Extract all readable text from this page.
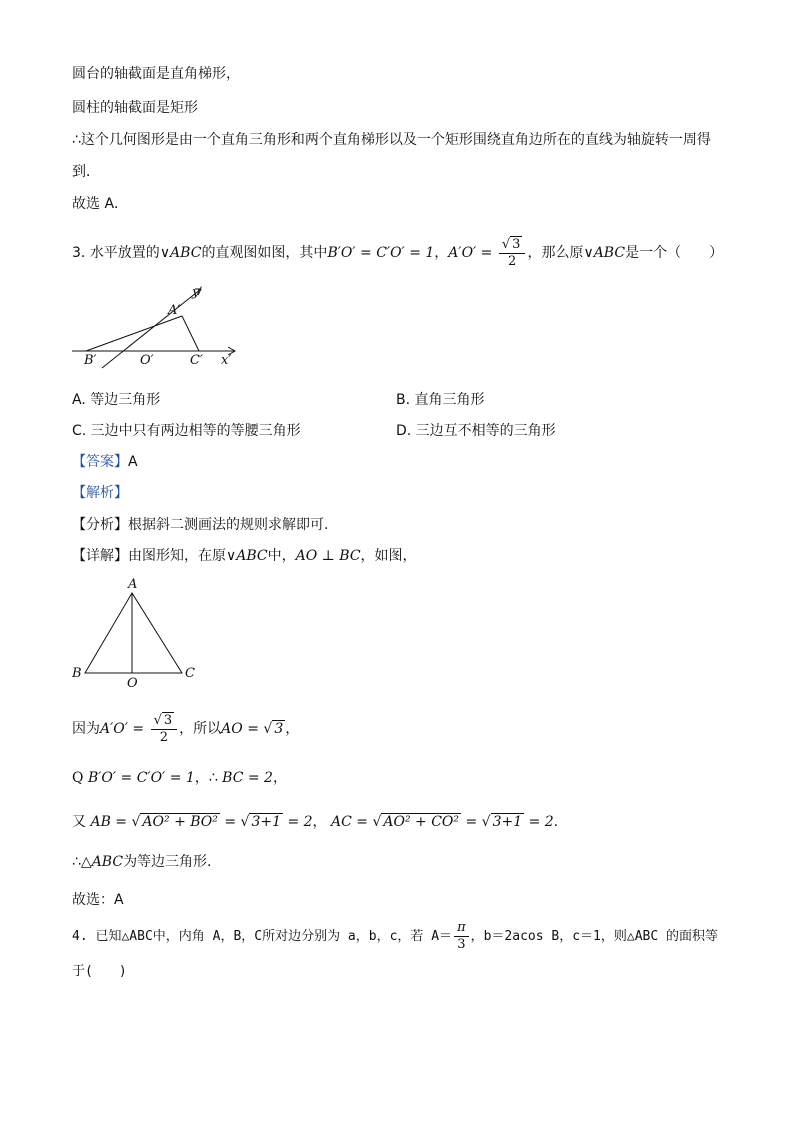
圆台的轴截面是直角梯形，
圆柱的轴截面是矩形
∴这个几何图形是由一个直角三角形和两个直角梯形以及一个矩形围绕直角边所在的直线为轴旋转一周得
到．
故选 A．
3. 水平放置的∨ABC的直观图如图，其中B′O′ = C′O′ = 1，$A'O' = \frac{√ 3}{2}$ ，那么原∨ABC是一个（　　）
y′
A′
B′	O′	C′ x′
A. 等边三角形	B. 直角三角形
C. 三边中只有两边相等的等腰三角形	D. 三边互不相等的三角形
【答案】A
【解析】
【分析】根据斜二测画法的规则求解即可.
【详解】由图形知，在原∨ABC中，AO ⊥ BC，如图，
A
B
O
C
因为$A'O' = \frac{√ 3}{2}$ ，所以AO = √ 3 ，
Q B′O′ = C′O′ = 1，∴ BC = 2，
又 AB = √ AO² + BO² = √ 3+1 = 2， AC = √ AO² + CO² = √ 3+1 = 2.
∴△ABC为等边三角形.
故选：A
4. 已知△ABC中，内角 A，B，C所对边分别为 a，b，c，若 $A= \frac{\pi}{3}$ ，b＝2acos B，c＝1，则△ABC 的面积等
于(　　)
